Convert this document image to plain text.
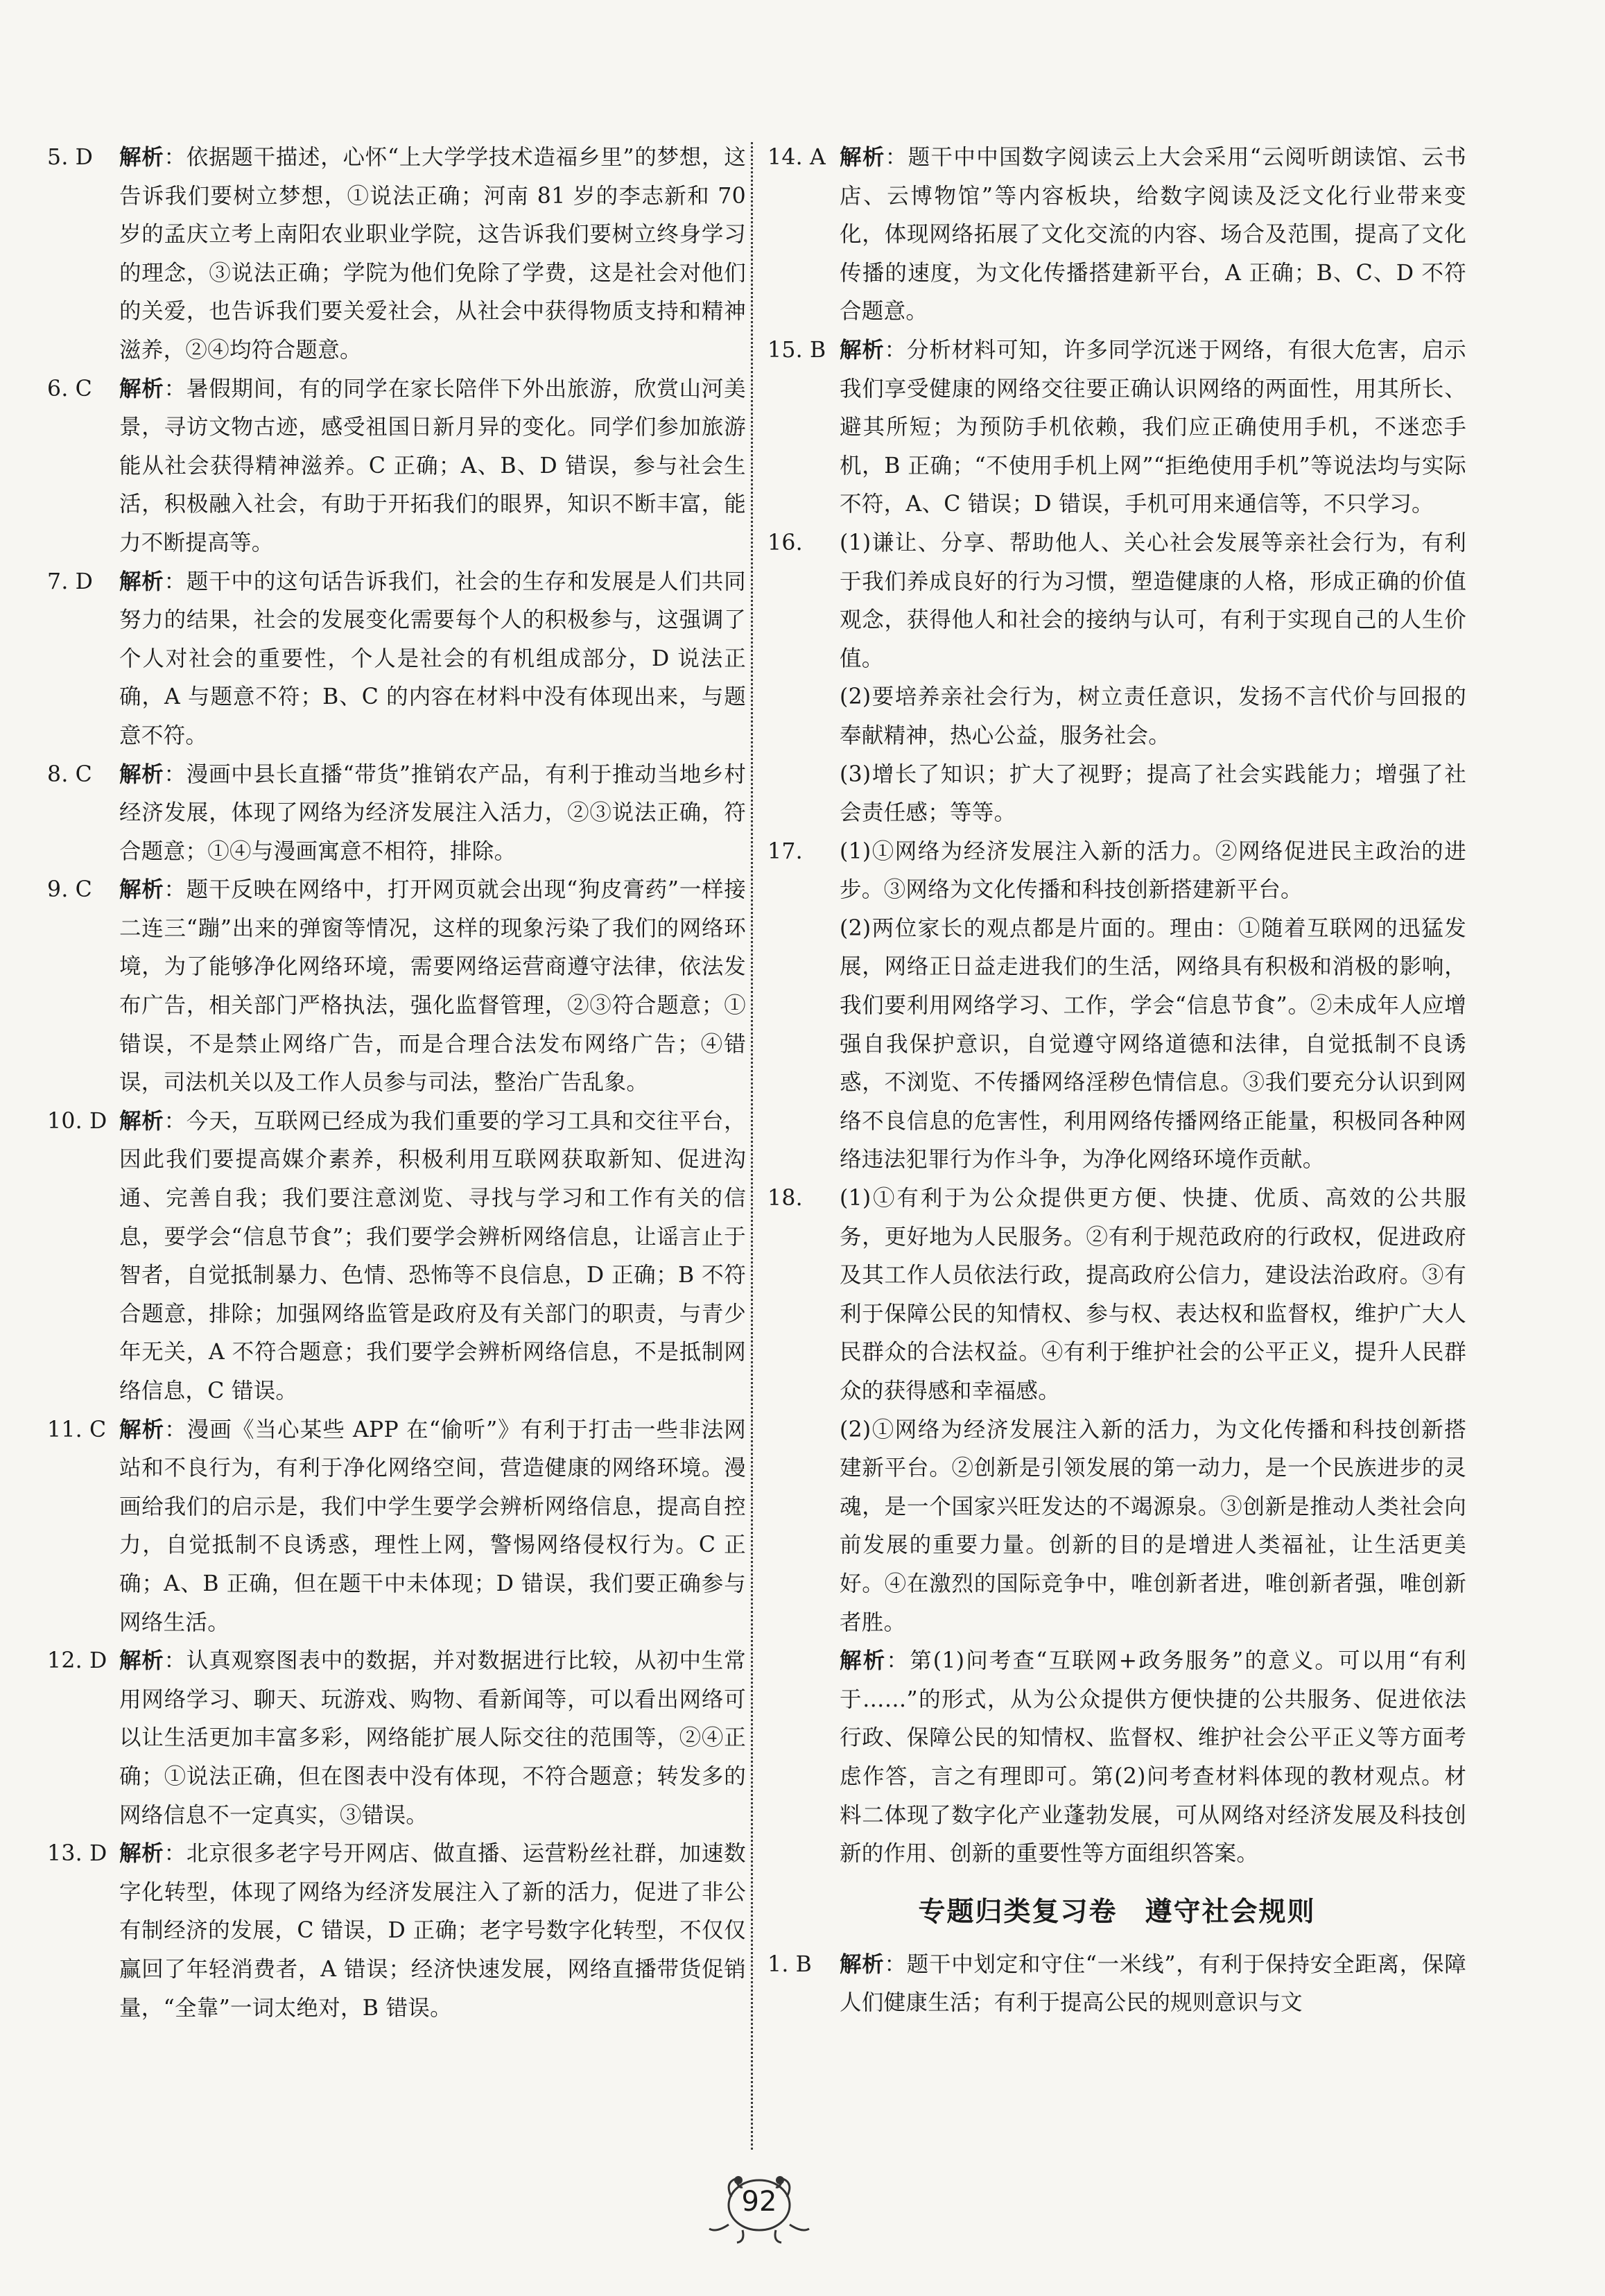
5. D 解析：依据题干描述，心怀“上大学学技术造福乡里”的梦想，这告诉我们要树立梦想，①说法正确；河南 81 岁的李志新和 70 岁的孟庆立考上南阳农业职业学院，这告诉我们要树立终身学习的理念，③说法正确；学院为他们免除了学费，这是社会对他们的关爱，也告诉我们要关爱社会，从社会中获得物质支持和精神滋养，②④均符合题意。
6. C 解析：暑假期间，有的同学在家长陪伴下外出旅游，欣赏山河美景，寻访文物古迹，感受祖国日新月异的变化。同学们参加旅游能从社会获得精神滋养。C 正确；A、B、D 错误，参与社会生活，积极融入社会，有助于开拓我们的眼界，知识不断丰富，能力不断提高等。
7. D 解析：题干中的这句话告诉我们，社会的生存和发展是人们共同努力的结果，社会的发展变化需要每个人的积极参与，这强调了个人对社会的重要性，个人是社会的有机组成部分，D 说法正确，A 与题意不符；B、C 的内容在材料中没有体现出来，与题意不符。
8. C 解析：漫画中县长直播“带货”推销农产品，有利于推动当地乡村经济发展，体现了网络为经济发展注入活力，②③说法正确，符合题意；①④与漫画寓意不相符，排除。
9. C 解析：题干反映在网络中，打开网页就会出现“狗皮膏药”一样接二连三“蹦”出来的弹窗等情况，这样的现象污染了我们的网络环境，为了能够净化网络环境，需要网络运营商遵守法律，依法发布广告，相关部门严格执法，强化监督管理，②③符合题意；①错误，不是禁止网络广告，而是合理合法发布网络广告；④错误，司法机关以及工作人员参与司法，整治广告乱象。
10. D 解析：今天，互联网已经成为我们重要的学习工具和交往平台，因此我们要提高媒介素养，积极利用互联网获取新知、促进沟通、完善自我；我们要注意浏览、寻找与学习和工作有关的信息，要学会“信息节食”；我们要学会辨析网络信息，让谣言止于智者，自觉抵制暴力、色情、恐怖等不良信息，D 正确；B 不符合题意，排除；加强网络监管是政府及有关部门的职责，与青少年无关，A 不符合题意；我们要学会辨析网络信息，不是抵制网络信息，C 错误。
11. C 解析：漫画《当心某些 APP 在“偷听”》有利于打击一些非法网站和不良行为，有利于净化网络空间，营造健康的网络环境。漫画给我们的启示是，我们中学生要学会辨析网络信息，提高自控力，自觉抵制不良诱惑，理性上网，警惕网络侵权行为。C 正确；A、B 正确，但在题干中未体现；D 错误，我们要正确参与网络生活。
12. D 解析：认真观察图表中的数据，并对数据进行比较，从初中生常用网络学习、聊天、玩游戏、购物、看新闻等，可以看出网络可以让生活更加丰富多彩，网络能扩展人际交往的范围等，②④正确；①说法正确，但在图表中没有体现，不符合题意；转发多的网络信息不一定真实，③错误。
13. D 解析：北京很多老字号开网店、做直播、运营粉丝社群，加速数字化转型，体现了网络为经济发展注入了新的活力，促进了非公有制经济的发展，C 错误，D 正确；老字号数字化转型，不仅仅赢回了年轻消费者，A 错误；经济快速发展，网络直播带货促销量，“全靠”一词太绝对，B 错误。
14. A 解析：题干中中国数字阅读云上大会采用“云阅听朗读馆、云书店、云博物馆”等内容板块，给数字阅读及泛文化行业带来变化，体现网络拓展了文化交流的内容、场合及范围，提高了文化传播的速度，为文化传播搭建新平台，A 正确；B、C、D 不符合题意。
15. B 解析：分析材料可知，许多同学沉迷于网络，有很大危害，启示我们享受健康的网络交往要正确认识网络的两面性，用其所长、避其所短；为预防手机依赖，我们应正确使用手机，不迷恋手机，B 正确；“不使用手机上网”“拒绝使用手机”等说法均与实际不符，A、C 错误；D 错误，手机可用来通信等，不只学习。
16. (1)谦让、分享、帮助他人、关心社会发展等亲社会行为，有利于我们养成良好的行为习惯，塑造健康的人格，形成正确的价值观念，获得他人和社会的接纳与认可，有利于实现自己的人生价值。
(2)要培养亲社会行为，树立责任意识，发扬不言代价与回报的奉献精神，热心公益，服务社会。
(3)增长了知识；扩大了视野；提高了社会实践能力；增强了社会责任感；等等。
17. (1)①网络为经济发展注入新的活力。②网络促进民主政治的进步。③网络为文化传播和科技创新搭建新平台。
(2)两位家长的观点都是片面的。理由：①随着互联网的迅猛发展，网络正日益走进我们的生活，网络具有积极和消极的影响，我们要利用网络学习、工作，学会“信息节食”。②未成年人应增强自我保护意识，自觉遵守网络道德和法律，自觉抵制不良诱惑，不浏览、不传播网络淫秽色情信息。③我们要充分认识到网络不良信息的危害性，利用网络传播网络正能量，积极同各种网络违法犯罪行为作斗争，为净化网络环境作贡献。
18. (1)①有利于为公众提供更方便、快捷、优质、高效的公共服务，更好地为人民服务。②有利于规范政府的行政权，促进政府及其工作人员依法行政，提高政府公信力，建设法治政府。③有利于保障公民的知情权、参与权、表达权和监督权，维护广大人民群众的合法权益。④有利于维护社会的公平正义，提升人民群众的获得感和幸福感。
(2)①网络为经济发展注入新的活力，为文化传播和科技创新搭建新平台。②创新是引领发展的第一动力，是一个民族进步的灵魂，是一个国家兴旺发达的不竭源泉。③创新是推动人类社会向前发展的重要力量。创新的目的是增进人类福祉，让生活更美好。④在激烈的国际竞争中，唯创新者进，唯创新者强，唯创新者胜。
解析：第(1)问考查“互联网+政务服务”的意义。可以用“有利于……”的形式，从为公众提供方便快捷的公共服务、促进依法行政、保障公民的知情权、监督权、维护社会公平正义等方面考虑作答，言之有理即可。第(2)问考查材料体现的教材观点。材料二体现了数字化产业蓬勃发展，可从网络对经济发展及科技创新的作用、创新的重要性等方面组织答案。
专题归类复习卷 遵守社会规则
1. B 解析：题干中划定和守住“一米线”，有利于保持安全距离，保障人们健康生活；有利于提高公民的规则意识与文
92
